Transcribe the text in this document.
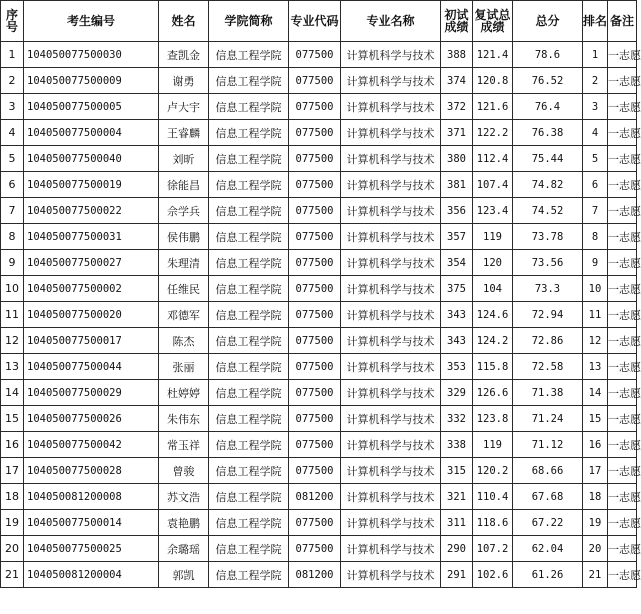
序号	考生编号	姓名	学院简称	专业代码	专业名称	初试成绩	复试总成绩	总分	排名	备注
1	104050077500030	查凯金	信息工程学院	077500	计算机科学与技术	388	121.4	78.6	1	一志愿
2	104050077500009	谢勇	信息工程学院	077500	计算机科学与技术	374	120.8	76.52	2	一志愿
3	104050077500005	卢大宇	信息工程学院	077500	计算机科学与技术	372	121.6	76.4	3	一志愿
4	104050077500004	王睿麟	信息工程学院	077500	计算机科学与技术	371	122.2	76.38	4	一志愿
5	104050077500040	刘昕	信息工程学院	077500	计算机科学与技术	380	112.4	75.44	5	一志愿
6	104050077500019	徐能昌	信息工程学院	077500	计算机科学与技术	381	107.4	74.82	6	一志愿
7	104050077500022	佘学兵	信息工程学院	077500	计算机科学与技术	356	123.4	74.52	7	一志愿
8	104050077500031	侯伟鹏	信息工程学院	077500	计算机科学与技术	357	119	73.78	8	一志愿
9	104050077500027	朱理清	信息工程学院	077500	计算机科学与技术	354	120	73.56	9	一志愿
10	104050077500002	任维民	信息工程学院	077500	计算机科学与技术	375	104	73.3	10	一志愿
11	104050077500020	邓德军	信息工程学院	077500	计算机科学与技术	343	124.6	72.94	11	一志愿
12	104050077500017	陈杰	信息工程学院	077500	计算机科学与技术	343	124.2	72.86	12	一志愿
13	104050077500044	张丽	信息工程学院	077500	计算机科学与技术	353	115.8	72.58	13	一志愿
14	104050077500029	杜婷婷	信息工程学院	077500	计算机科学与技术	329	126.6	71.38	14	一志愿
15	104050077500026	朱伟东	信息工程学院	077500	计算机科学与技术	332	123.8	71.24	15	一志愿
16	104050077500042	常玉祥	信息工程学院	077500	计算机科学与技术	338	119	71.12	16	一志愿
17	104050077500028	曾骏	信息工程学院	077500	计算机科学与技术	315	120.2	68.66	17	一志愿
18	104050081200008	苏文浩	信息工程学院	081200	计算机科学与技术	321	110.4	67.68	18	一志愿
19	104050077500014	袁艳鹏	信息工程学院	077500	计算机科学与技术	311	118.6	67.22	19	一志愿
20	104050077500025	余璐瑶	信息工程学院	077500	计算机科学与技术	290	107.2	62.04	20	一志愿
21	104050081200004	郭凯	信息工程学院	081200	计算机科学与技术	291	102.6	61.26	21	一志愿
